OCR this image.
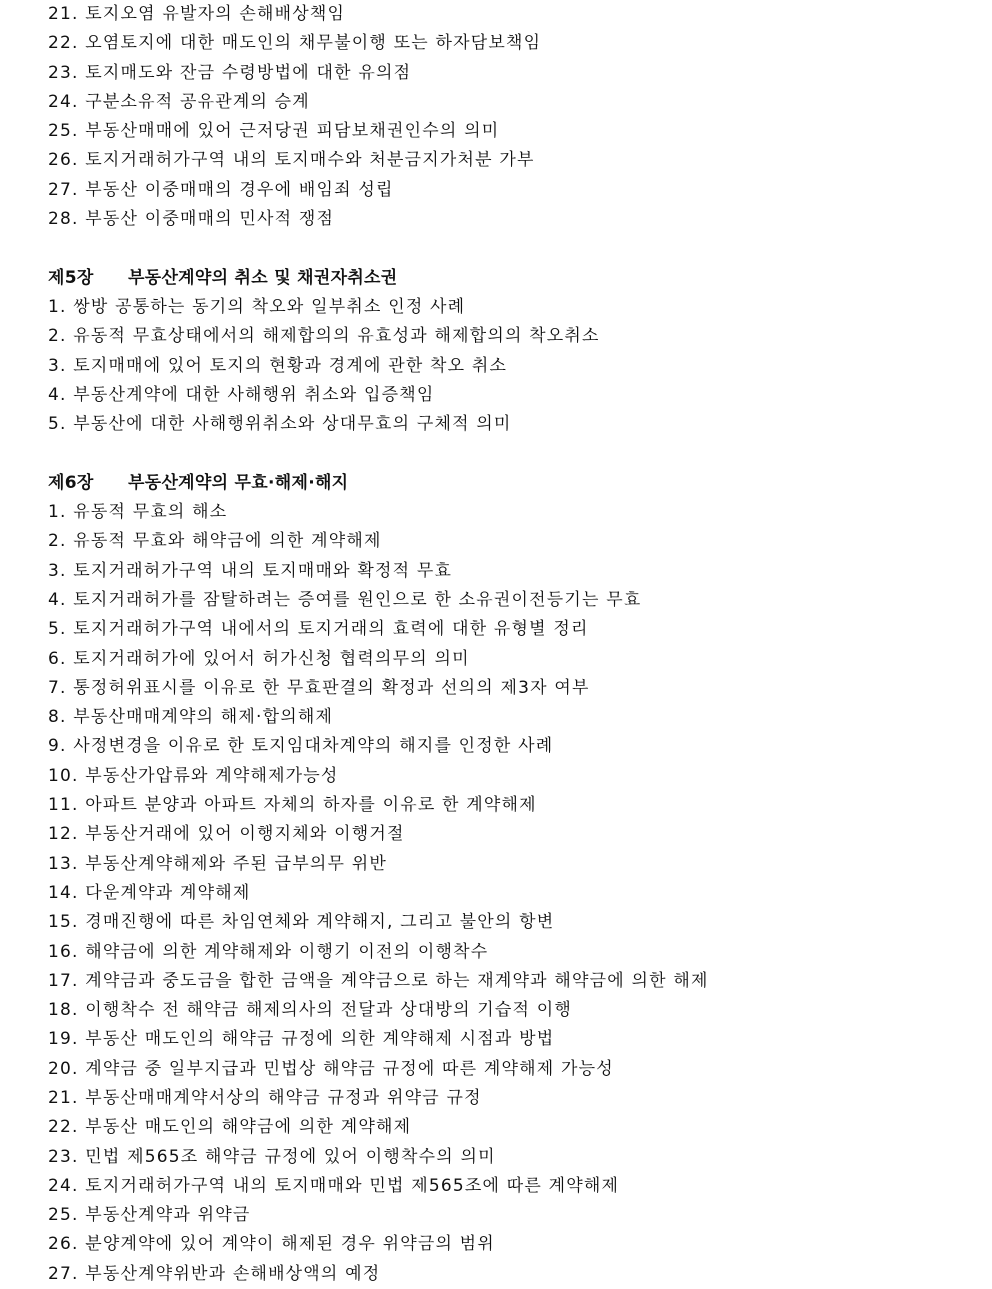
21. 토지오염 유발자의 손해배상책임
22. 오염토지에 대한 매도인의 채무불이행 또는 하자담보책임
23. 토지매도와 잔금 수령방법에 대한 유의점
24. 구분소유적 공유관계의 승계
25. 부동산매매에 있어 근저당권 피담보채권인수의 의미
26. 토지거래허가구역 내의 토지매수와 처분금지가처분 가부
27. 부동산 이중매매의 경우에 배임죄 성립
28. 부동산 이중매매의 민사적 쟁점
제5장 부동산계약의 취소 및 채권자취소권
1. 쌍방 공통하는 동기의 착오와 일부취소 인정 사례
2. 유동적 무효상태에서의 해제합의의 유효성과 해제합의의 착오취소
3. 토지매매에 있어 토지의 현황과 경계에 관한 착오 취소
4. 부동산계약에 대한 사해행위 취소와 입증책임
5. 부동산에 대한 사해행위취소와 상대무효의 구체적 의미
제6장 부동산계약의 무효·해제·해지
1. 유동적 무효의 해소
2. 유동적 무효와 해약금에 의한 계약해제
3. 토지거래허가구역 내의 토지매매와 확정적 무효
4. 토지거래허가를 잠탈하려는 증여를 원인으로 한 소유권이전등기는 무효
5. 토지거래허가구역 내에서의 토지거래의 효력에 대한 유형별 정리
6. 토지거래허가에 있어서 허가신청 협력의무의 의미
7. 통정허위표시를 이유로 한 무효판결의 확정과 선의의 제3자 여부
8. 부동산매매계약의 해제·합의해제
9. 사정변경을 이유로 한 토지임대차계약의 해지를 인정한 사례
10. 부동산가압류와 계약해제가능성
11. 아파트 분양과 아파트 자체의 하자를 이유로 한 계약해제
12. 부동산거래에 있어 이행지체와 이행거절
13. 부동산계약해제와 주된 급부의무 위반
14. 다운계약과 계약해제
15. 경매진행에 따른 차임연체와 계약해지, 그리고 불안의 항변
16. 해약금에 의한 계약해제와 이행기 이전의 이행착수
17. 계약금과 중도금을 합한 금액을 계약금으로 하는 재계약과 해약금에 의한 해제
18. 이행착수 전 해약금 해제의사의 전달과 상대방의 기습적 이행
19. 부동산 매도인의 해약금 규정에 의한 계약해제 시점과 방법
20. 계약금 중 일부지급과 민법상 해약금 규정에 따른 계약해제 가능성
21. 부동산매매계약서상의 해약금 규정과 위약금 규정
22. 부동산 매도인의 해약금에 의한 계약해제
23. 민법 제565조 해약금 규정에 있어 이행착수의 의미
24. 토지거래허가구역 내의 토지매매와 민법 제565조에 따른 계약해제
25. 부동산계약과 위약금
26. 분양계약에 있어 계약이 해제된 경우 위약금의 범위
27. 부동산계약위반과 손해배상액의 예정
